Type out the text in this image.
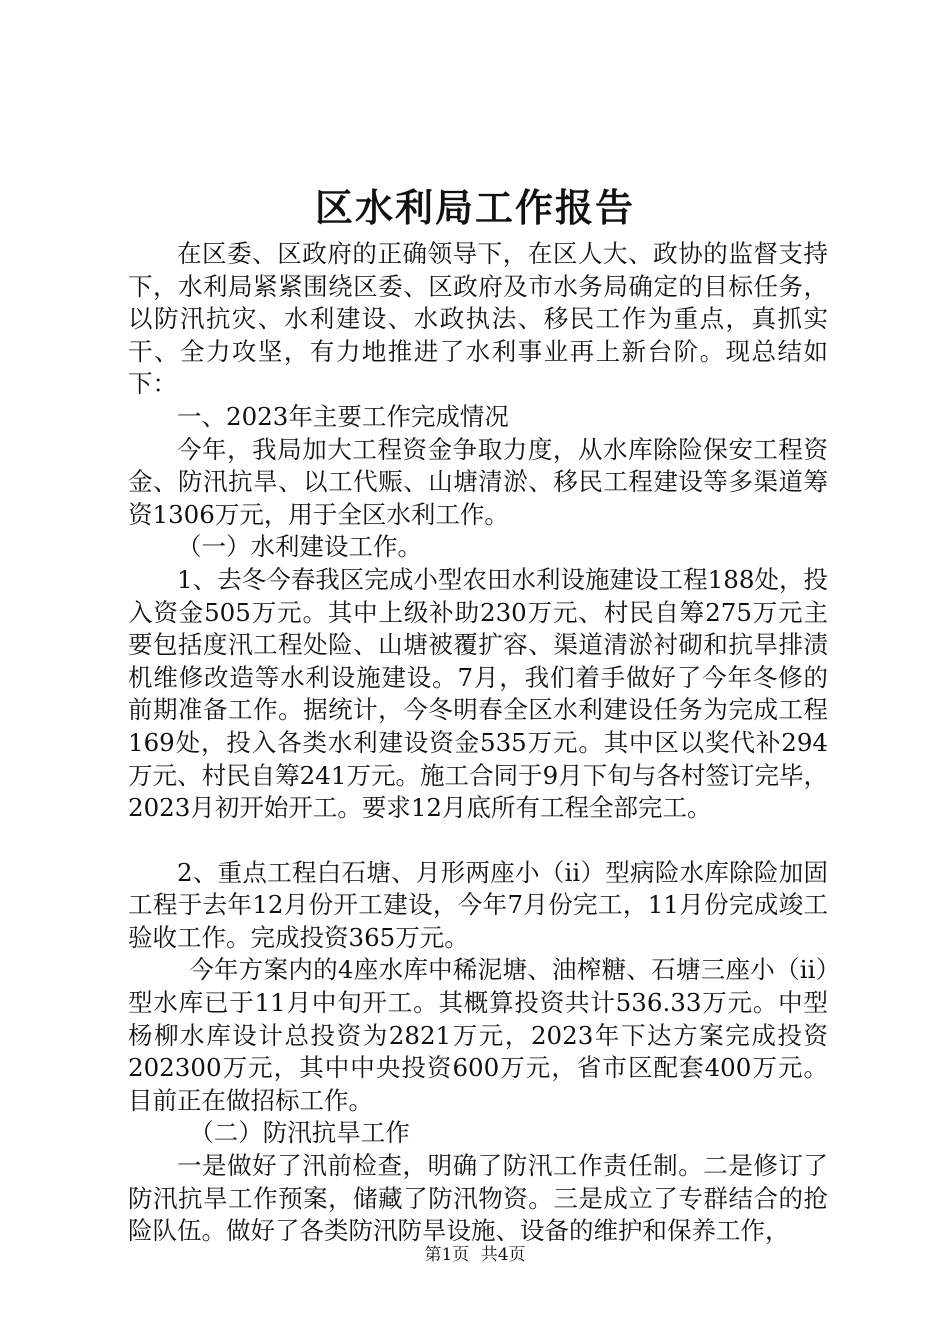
区水利局工作报告

在区委、区政府的正确领导下，在区人大、政协的监督支持下，水利局紧紧围绕区委、区政府及市水务局确定的目标任务，以防汛抗灾、水利建设、水政执法、移民工作为重点，真抓实干、全力攻坚，有力地推进了水利事业再上新台阶。现总结如下：

一、2023年主要工作完成情况

今年，我局加大工程资金争取力度，从水库除险保安工程资金、防汛抗旱、以工代赈、山塘清淤、移民工程建设等多渠道筹资1306万元，用于全区水利工作。

（一）水利建设工作。

1、去冬今春我区完成小型农田水利设施建设工程188处，投入资金505万元。其中上级补助230万元、村民自筹275万元主要包括度汛工程处险、山塘被覆扩容、渠道清淤衬砌和抗旱排渍机维修改造等水利设施建设。7月，我们着手做好了今年冬修的前期准备工作。据统计，今冬明春全区水利建设任务为完成工程169处，投入各类水利建设资金535万元。其中区以奖代补294万元、村民自筹241万元。施工合同于9月下旬与各村签订完毕，2023月初开始开工。要求12月底所有工程全部完工。

2、重点工程白石塘、月形两座小（ii）型病险水库除险加固工程于去年12月份开工建设，今年7月份完工，11月份完成竣工验收工作。完成投资365万元。

今年方案内的4座水库中稀泥塘、油榨糖、石塘三座小（ii）型水库已于11月中旬开工。其概算投资共计536.33万元。中型杨柳水库设计总投资为2821万元，2023年下达方案完成投资202300万元，其中中央投资600万元，省市区配套400万元。目前正在做招标工作。

（二）防汛抗旱工作

一是做好了汛前检查，明确了防汛工作责任制。二是修订了防汛抗旱工作预案，储藏了防汛物资。三是成立了专群结合的抢险队伍。做好了各类防汛防旱设施、设备的维护和保养工作，

第1页 共4页
